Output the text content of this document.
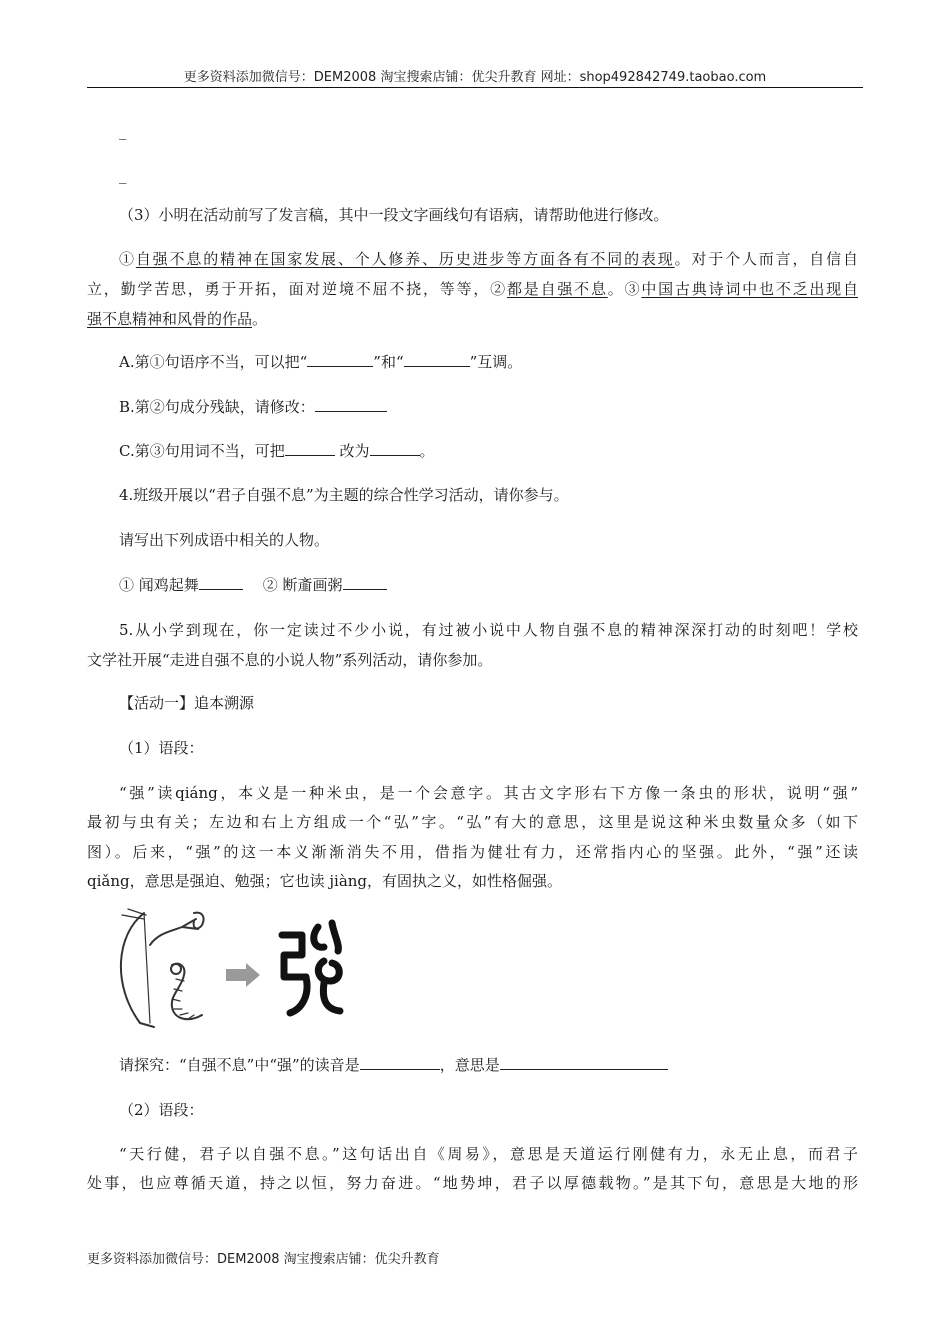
更多资料添加微信号：DEM2008 淘宝搜索店铺：优尖升教育 网址：shop492842749.taobao.com
_
_
（3）小明在活动前写了发言稿，其中一段文字画线句有语病，请帮助他进行修改。
①自强不息的精神在国家发展、个人修养、历史进步等方面各有不同的表现。对于个人而言，自信自
立，勤学苦思，勇于开拓，面对逆境不屈不挠，等等，②都是自强不息。③中国古典诗词中也不乏出现自
强不息精神和风骨的作品。
A.第①句语序不当，可以把“	”和“	”互调。
B.第②句成分残缺，请修改：
C.第③句用词不当，可把	改为	。
4.班级开展以“君子自强不息”为主题的综合性学习活动，请你参与。
请写出下列成语中相关的人物。
① 闻鸡起舞	② 断齑画粥
5.从小学到现在，你一定读过不少小说，有过被小说中人物自强不息的精神深深打动的时刻吧！学校
文学社开展“走进自强不息的小说人物”系列活动，请你参加。
【活动一】追本溯源
（1）语段：
“强”读qiáng，本义是一种米虫，是一个会意字。其古文字形右下方像一条虫的形状，说明“强”
最初与虫有关；左边和右上方组成一个“弘”字。“弘”有大的意思，这里是说这种米虫数量众多（如下
图）。后来，“强”的这一本义渐渐消失不用，借指为健壮有力，还常指内心的坚强。此外，“强”还读
qiǎng，意思是强迫、勉强；它也读 jiàng，有固执之义，如性格倔强。
请探究：“自强不息”中“强”的读音是	，意思是
（2）语段：
“天行健，君子以自强不息。”这句话出自《周易》，意思是天道运行刚健有力，永无止息，而君子
处事，也应尊循天道，持之以恒，努力奋进。“地势坤，君子以厚德载物。”是其下句，意思是大地的形
更多资料添加微信号：DEM2008 淘宝搜索店铺：优尖升教育
